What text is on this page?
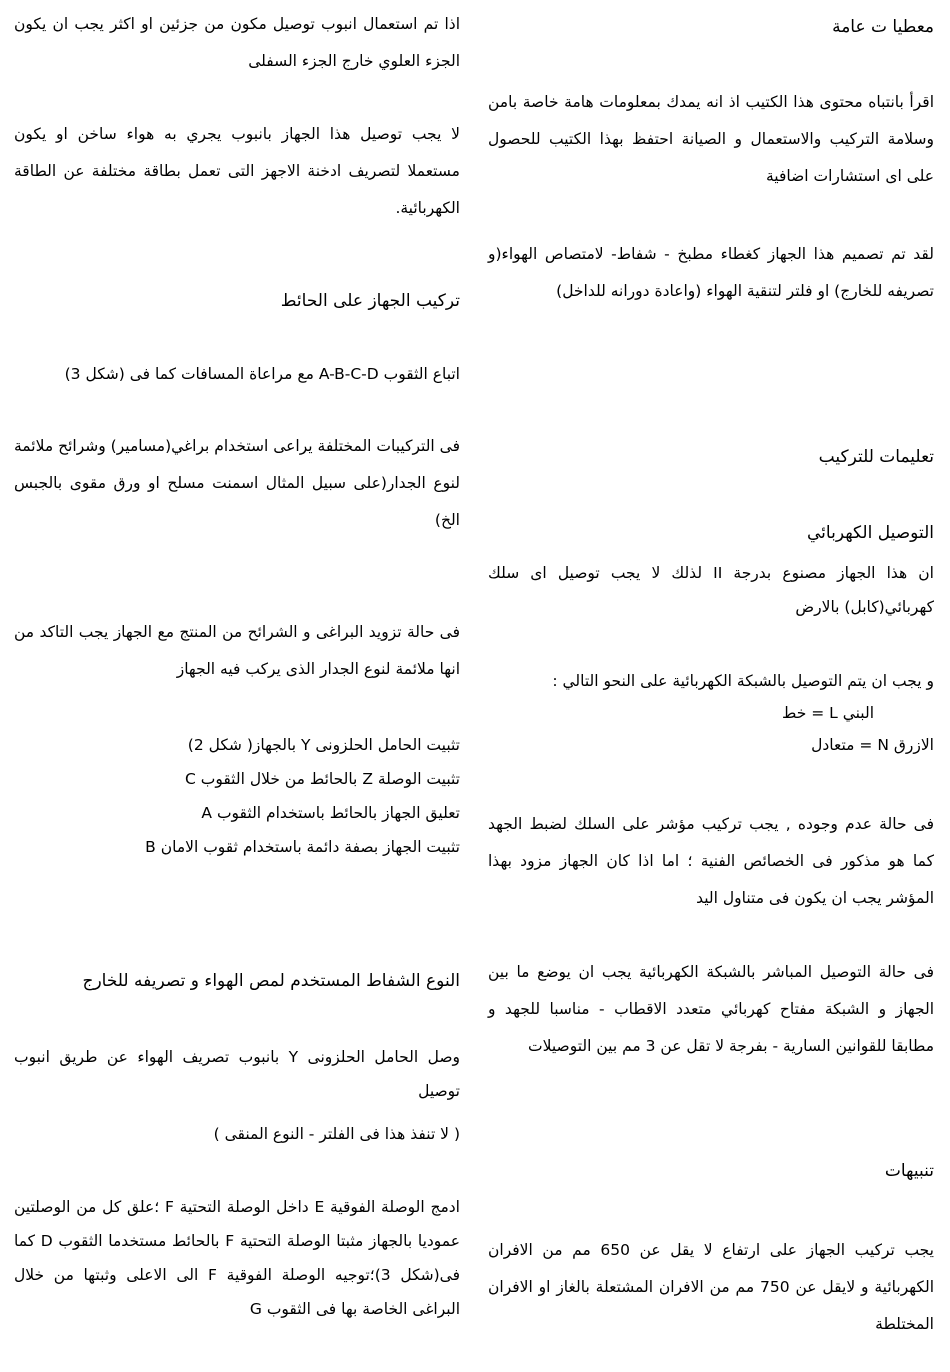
معطيا ت عامة
اقرأ بانتباه محتوى هذا الكتيب اذ انه يمدك بمعلومات هامة خاصة بامن وسلامة التركيب والاستعمال و الصيانة احتفظ بهذا الكتيب للحصول على اى استشارات اضافية
لقد تم تصميم هذا الجهاز كغطاء مطبخ - شفاط- لامتصاص الهواء(و تصريفه للخارج) او فلتر لتنقية الهواء (واعادة دورانه للداخل)
تعليمات للتركيب
التوصيل الكهربائي
ان هذا الجهاز مصنوع بدرجة II لذلك لا يجب توصيل اى سلك كهربائي(كابل) بالارض
و يجب ان يتم التوصيل بالشبكة الكهربائية على النحو التالي :
البني L = خط
الازرق N = متعادل
فى حالة عدم وجوده , يجب تركيب مؤشر على السلك لضبط الجهد كما هو مذكور فى الخصائص الفنية ؛ اما اذا كان الجهاز مزود بهذا المؤشر يجب ان يكون فى متناول اليد
فى حالة التوصيل المباشر بالشبكة الكهربائية يجب ان يوضع ما بين الجهاز و الشبكة مفتاح كهربائي متعدد الاقطاب - مناسبا للجهد و مطابقا للقوانين السارية - بفرجة لا تقل عن 3 مم بين التوصيلات
تنبيهات
يجب تركيب الجهاز على ارتفاع لا يقل عن 650 مم من الافران الكهربائية و لايقل عن 750 مم من الافران المشتعلة بالغاز او الافران المختلطة
اذا تم استعمال انبوب توصيل مكون من جزئين او اكثر يجب ان يكون الجزء العلوي خارج الجزء السفلى
لا يجب توصيل هذا الجهاز بانبوب يجري به هواء ساخن او يكون مستعملا لتصريف ادخنة الاجهز التى تعمل بطاقة مختلفة عن الطاقة الكهربائية.
تركيب الجهاز على الحائط
اتباع الثقوب A-B-C-D مع مراعاة المسافات كما فى (شكل 3)
فى التركيبات المختلفة يراعى استخدام براغي(مسامير) وشرائح ملائمة لنوع الجدار(على سبيل المثال اسمنت مسلح او ورق مقوى بالجبس الخ)
فى حالة تزويد البراغى و الشرائح من المنتج مع الجهاز يجب التاكد من انها ملائمة لنوع الجدار الذى يركب فيه الجهاز
تثبيت الحامل الحلزونى Y بالجهاز( شكل 2)
تثبيت الوصلة Z بالحائط من خلال الثقوب C
تعليق الجهاز بالحائط باستخدام الثقوب A
تثبيت الجهاز بصفة دائمة باستخدام ثقوب الامان B
النوع الشفاط المستخدم لمص الهواء و تصريفه للخارج
وصل الحامل الحلزونى Y بانبوب تصريف الهواء عن طريق انبوب توصيل
( لا تنفذ هذا فى الفلتر - النوع المنقى )
ادمج الوصلة الفوقية E داخل الوصلة التحتية F ؛علق كل من الوصلتين عموديا بالجهاز مثبتا الوصلة التحتية F بالحائط مستخدما الثقوب D كما فى(شكل 3)؛توجيه الوصلة الفوقية F الى الاعلى وثبتها من خلال البراغى الخاصة بها فى الثقوب G
